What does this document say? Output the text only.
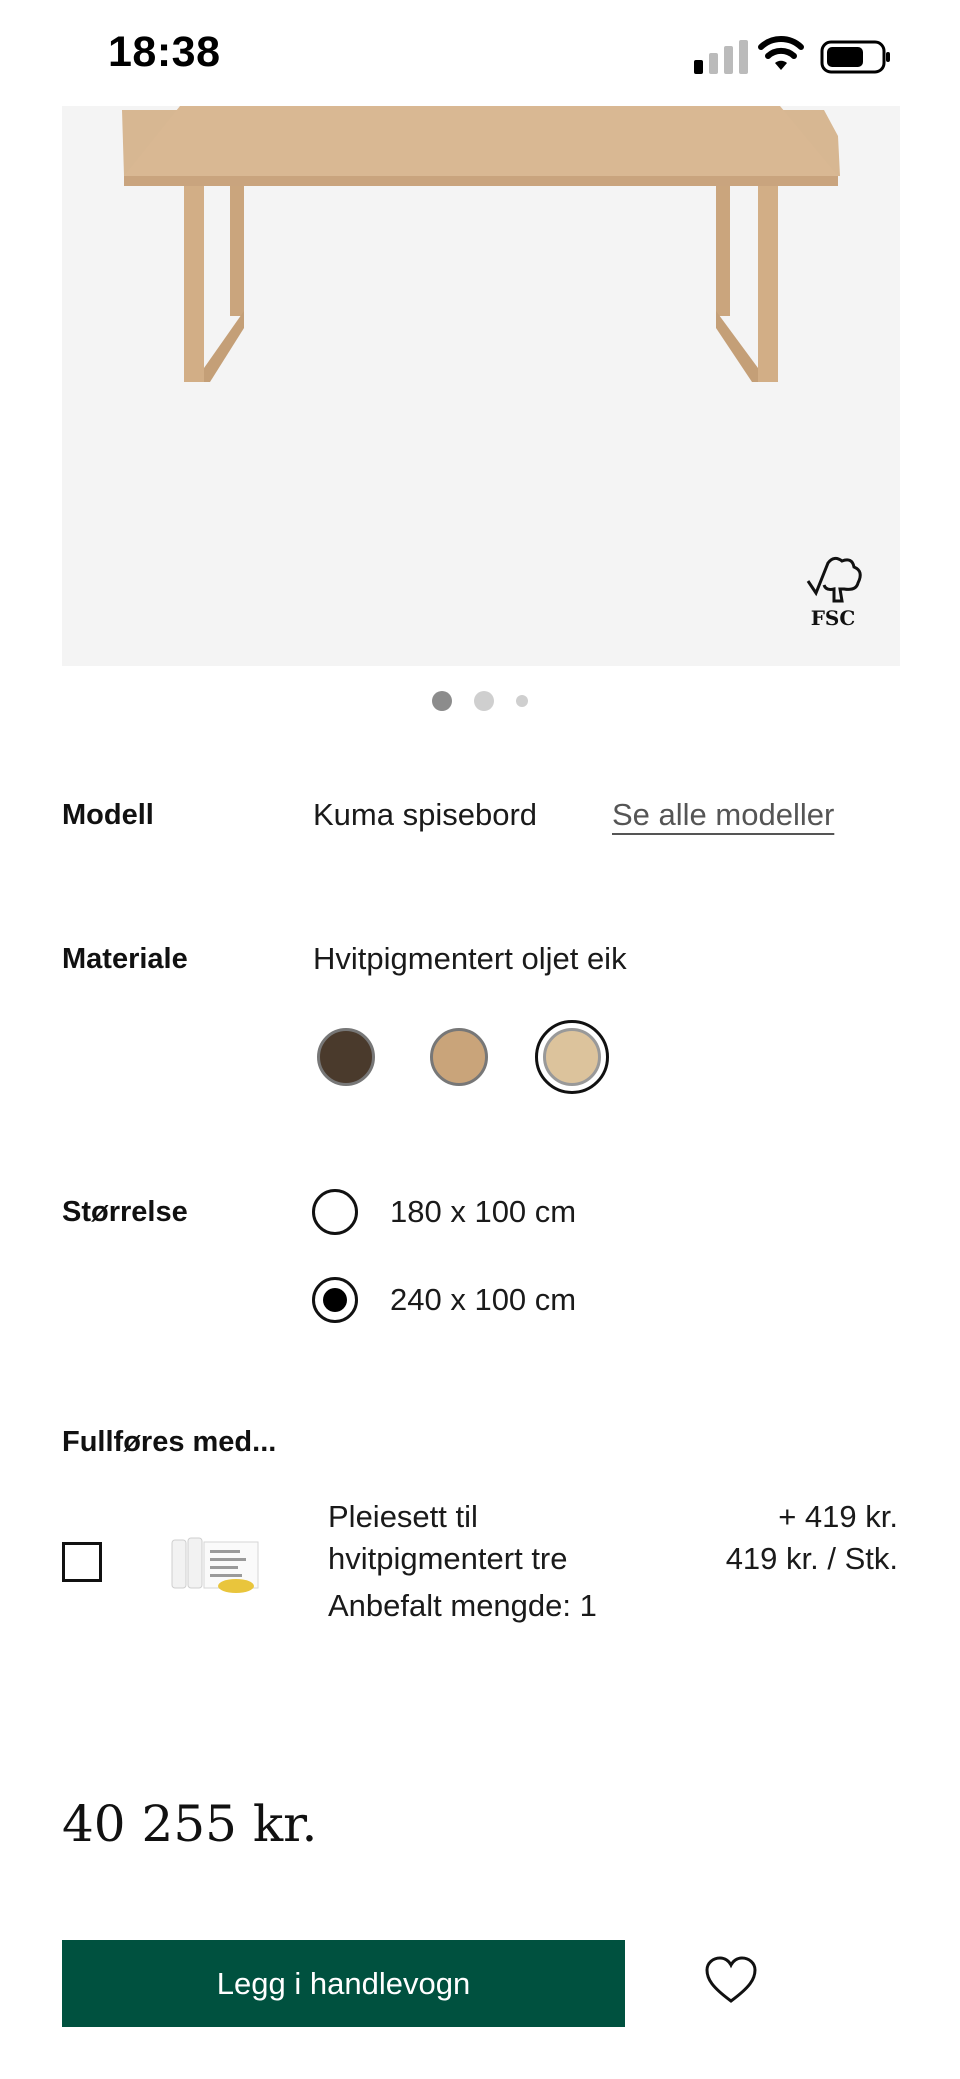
18:38
FSC
Modell	Kuma spisebord Se alle modeller
Materiale	Hvitpigmentert oljet eik
Størrelse	180 x 100 cm
240 x 100 cm
Fullføres med...
Pleiesett til hvitpigmentert tre
Anbefalt mengde: 1
+ 419 kr.
419 kr. / Stk.
40 255 kr.
Legg i handlevogn
